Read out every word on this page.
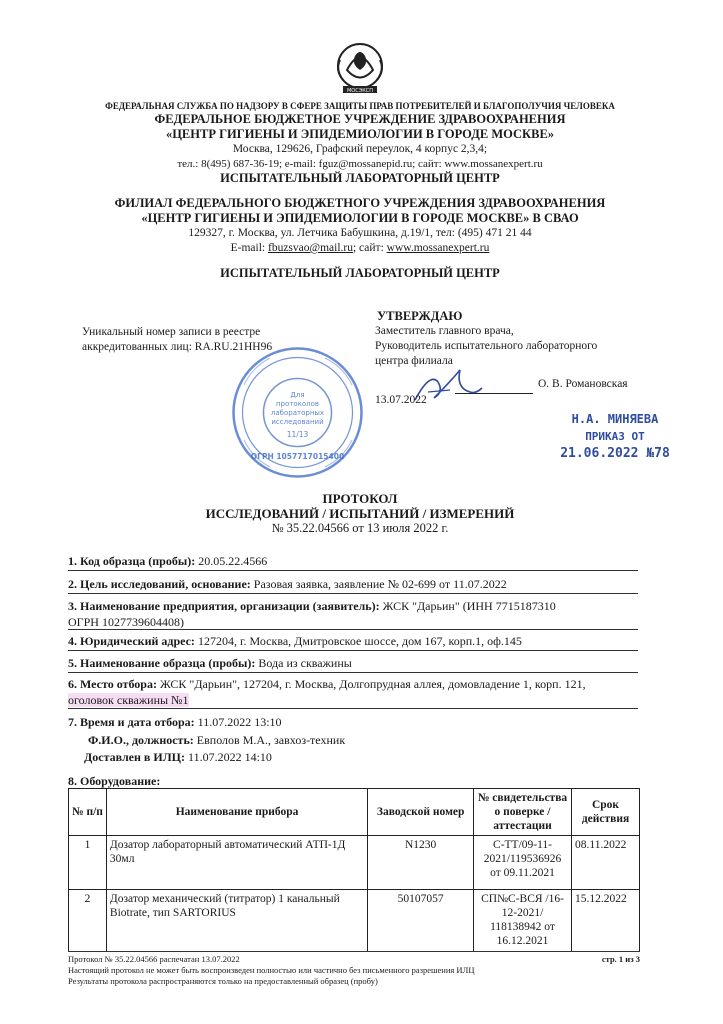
МОСЭКСП
ФЕДЕРАЛЬНАЯ СЛУЖБА ПО НАДЗОРУ В СФЕРЕ ЗАЩИТЫ ПРАВ ПОТРЕБИТЕЛЕЙ И БЛАГОПОЛУЧИЯ ЧЕЛОВЕКА
ФЕДЕРАЛЬНОЕ БЮДЖЕТНОЕ УЧРЕЖДЕНИЕ ЗДРАВООХРАНЕНИЯ
«ЦЕНТР ГИГИЕНЫ И ЭПИДЕМИОЛОГИИ В ГОРОДЕ МОСКВЕ»
Москва, 129626, Графский переулок, 4 корпус 2,3,4;
тел.: 8(495) 687-36-19; e-mail: fguz@mossanepid.ru; сайт: www.mossanexpert.ru
ИСПЫТАТЕЛЬНЫЙ ЛАБОРАТОРНЫЙ ЦЕНТР
ФИЛИАЛ ФЕДЕРАЛЬНОГО БЮДЖЕТНОГО УЧРЕЖДЕНИЯ ЗДРАВООХРАНЕНИЯ
«ЦЕНТР ГИГИЕНЫ И ЭПИДЕМИОЛОГИИ В ГОРОДЕ МОСКВЕ» В СВАО
129327, г. Москва, ул. Летчика Бабушкина, д.19/1, тел: (495) 471 21 44
E-mail: fbuzsvao@mail.ru; сайт: www.mossanexpert.ru
ИСПЫТАТЕЛЬНЫЙ ЛАБОРАТОРНЫЙ ЦЕНТР
Уникальный номер записи в реестре
аккредитованных лиц: RA.RU.21HH96
УТВЕРЖДАЮ
Заместитель главного врача,
Руководитель испытательного лабораторного
центра филиала
О. В. Романовская
13.07.2022
Для
протоколов
лабораторных
исследований
11/13
ОГРН 1057717015400
Н.А. МИНЯЕВА
ПРИКАЗ ОТ
21.06.2022 №78
ПРОТОКОЛ
ИССЛЕДОВАНИЙ / ИСПЫТАНИЙ / ИЗМЕРЕНИЙ
№ 35.22.04566 от 13 июля 2022 г.
1. Код образца (пробы): 20.05.22.4566
2. Цель исследований, основание: Разовая заявка, заявление № 02-699 от 11.07.2022
3. Наименование предприятия, организации (заявитель): ЖСК "Дарьин" (ИНН 7715187310
ОГРН 1027739604408)
4. Юридический адрес: 127204, г. Москва, Дмитровское шоссе, дом 167, корп.1, оф.145
5. Наименование образца (пробы): Вода из скважины
6. Место отбора: ЖСК "Дарьин", 127204, г. Москва, Долгопрудная аллея, домовладение 1, корп. 121,
оголовок скважины №1
7. Время и дата отбора: 11.07.2022 13:10
Ф.И.О., должность: Евполов М.А., завхоз-техник
Доставлен в ИЛЦ: 11.07.2022 14:10
8. Оборудование:
№ п/п	Наименование прибора	Заводской номер	№ свидетельства о поверке / аттестации	Срок действия
1	Дозатор лабораторный автоматический АТП-1Д 30мл	N1230	С-ТТ/09-11-2021/119536926 от 09.11.2021	08.11.2022
2	Дозатор механический (титратор) 1 канальный Biotrate, тип SARTORIUS	50107057	СП№С-ВСЯ /16-12-2021/ 118138942 от 16.12.2021	15.12.2022
Протокол № 35.22.04566 распечатан 13.07.2022
Настоящий протокол не может быть воспроизведен полностью или частично без письменного разрешения ИЛЦ
Результаты протокола распространяются только на предоставленный образец (пробу)
стр. 1 из 3
